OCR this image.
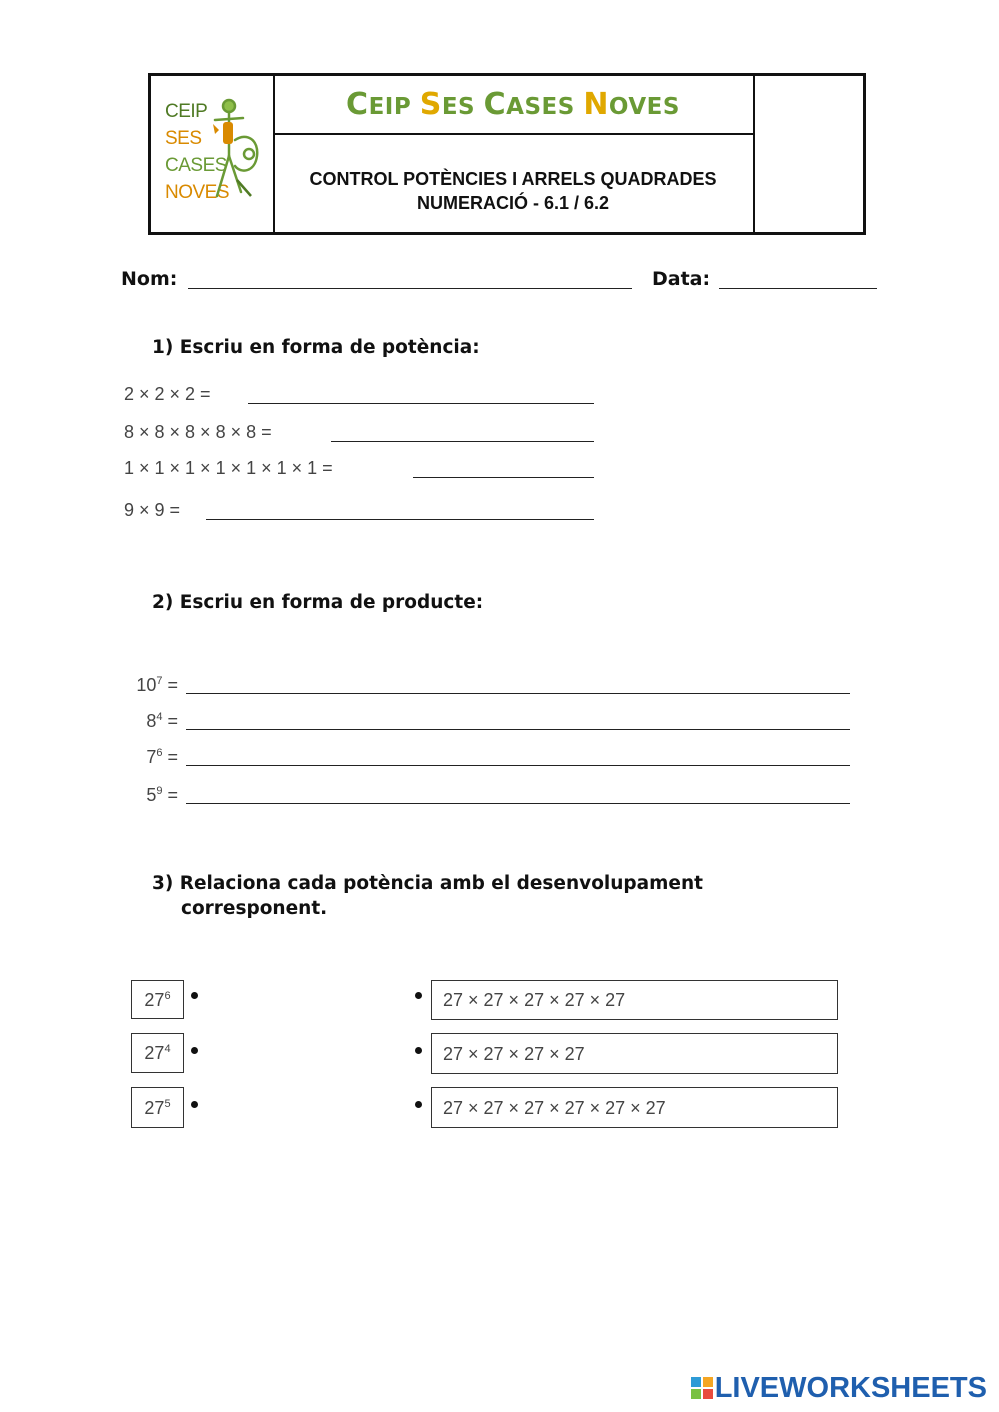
CEIP
SES
CASES
NOVES
CEIP SES CASES NOVES
CONTROL POTÈNCIES I ARRELS QUADRADES
NUMERACIÓ - 6.1 / 6.2
Nom:	Data:
1) Escriu en forma de potència:
2 × 2 × 2 =
8 × 8 × 8 × 8 × 8 =
1 × 1 × 1 × 1 × 1 × 1 × 1 =
9 × 9 =
2) Escriu en forma de producte:
$10^7$ =
$8^4$ =
$7^6$ =
$5^9$ =
3) Relaciona cada potència amb el desenvolupament
corresponent.
$27^6$
$27^4$
$27^5$
27 × 27 × 27 × 27 × 27
27 × 27 × 27 × 27
27 × 27 × 27 × 27 × 27 × 27
LIVEWORKSHEETS
